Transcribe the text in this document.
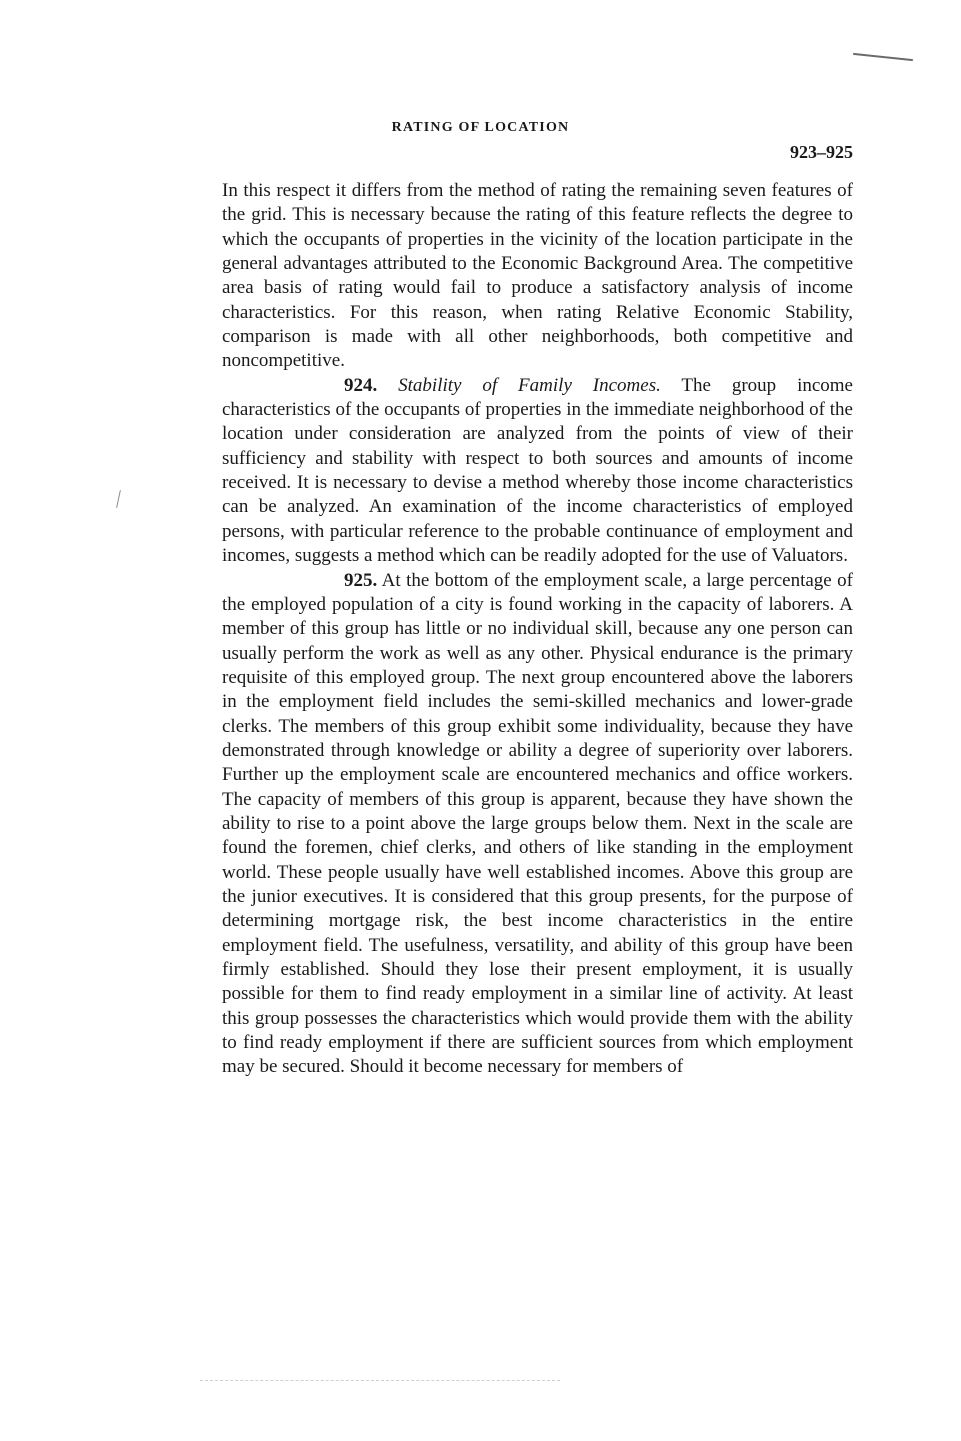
RATING OF LOCATION
923–925

In this respect it differs from the method of rating the remaining seven features of the grid. This is necessary because the rating of this feature reflects the degree to which the occupants of properties in the vicinity of the location participate in the general advantages attributed to the Economic Background Area. The competitive area basis of rating would fail to produce a satisfactory analysis of income characteristics. For this reason, when rating Relative Economic Stability, comparison is made with all other neighborhoods, both competitive and noncompetitive.

924. Stability of Family Incomes. The group income characteristics of the occupants of properties in the immediate neighborhood of the location under consideration are analyzed from the points of view of their sufficiency and stability with respect to both sources and amounts of income received. It is necessary to devise a method whereby those income characteristics can be analyzed. An examination of the income characteristics of employed persons, with particular reference to the probable continuance of employment and incomes, suggests a method which can be readily adopted for the use of Valuators.

925. At the bottom of the employment scale, a large percentage of the employed population of a city is found working in the capacity of laborers. A member of this group has little or no individual skill, because any one person can usually perform the work as well as any other. Physical endurance is the primary requisite of this employed group. The next group encountered above the laborers in the employment field includes the semi-skilled mechanics and lower-grade clerks. The members of this group exhibit some individuality, because they have demonstrated through knowledge or ability a degree of superiority over laborers. Further up the employment scale are encountered mechanics and office workers. The capacity of members of this group is apparent, because they have shown the ability to rise to a point above the large groups below them. Next in the scale are found the foremen, chief clerks, and others of like standing in the employment world. These people usually have well established incomes. Above this group are the junior executives. It is considered that this group presents, for the purpose of determining mortgage risk, the best income characteristics in the entire employment field. The usefulness, versatility, and ability of this group have been firmly established. Should they lose their present employment, it is usually possible for them to find ready employment in a similar line of activity. At least this group possesses the characteristics which would provide them with the ability to find ready employment if there are sufficient sources from which employment may be secured. Should it become necessary for members of
